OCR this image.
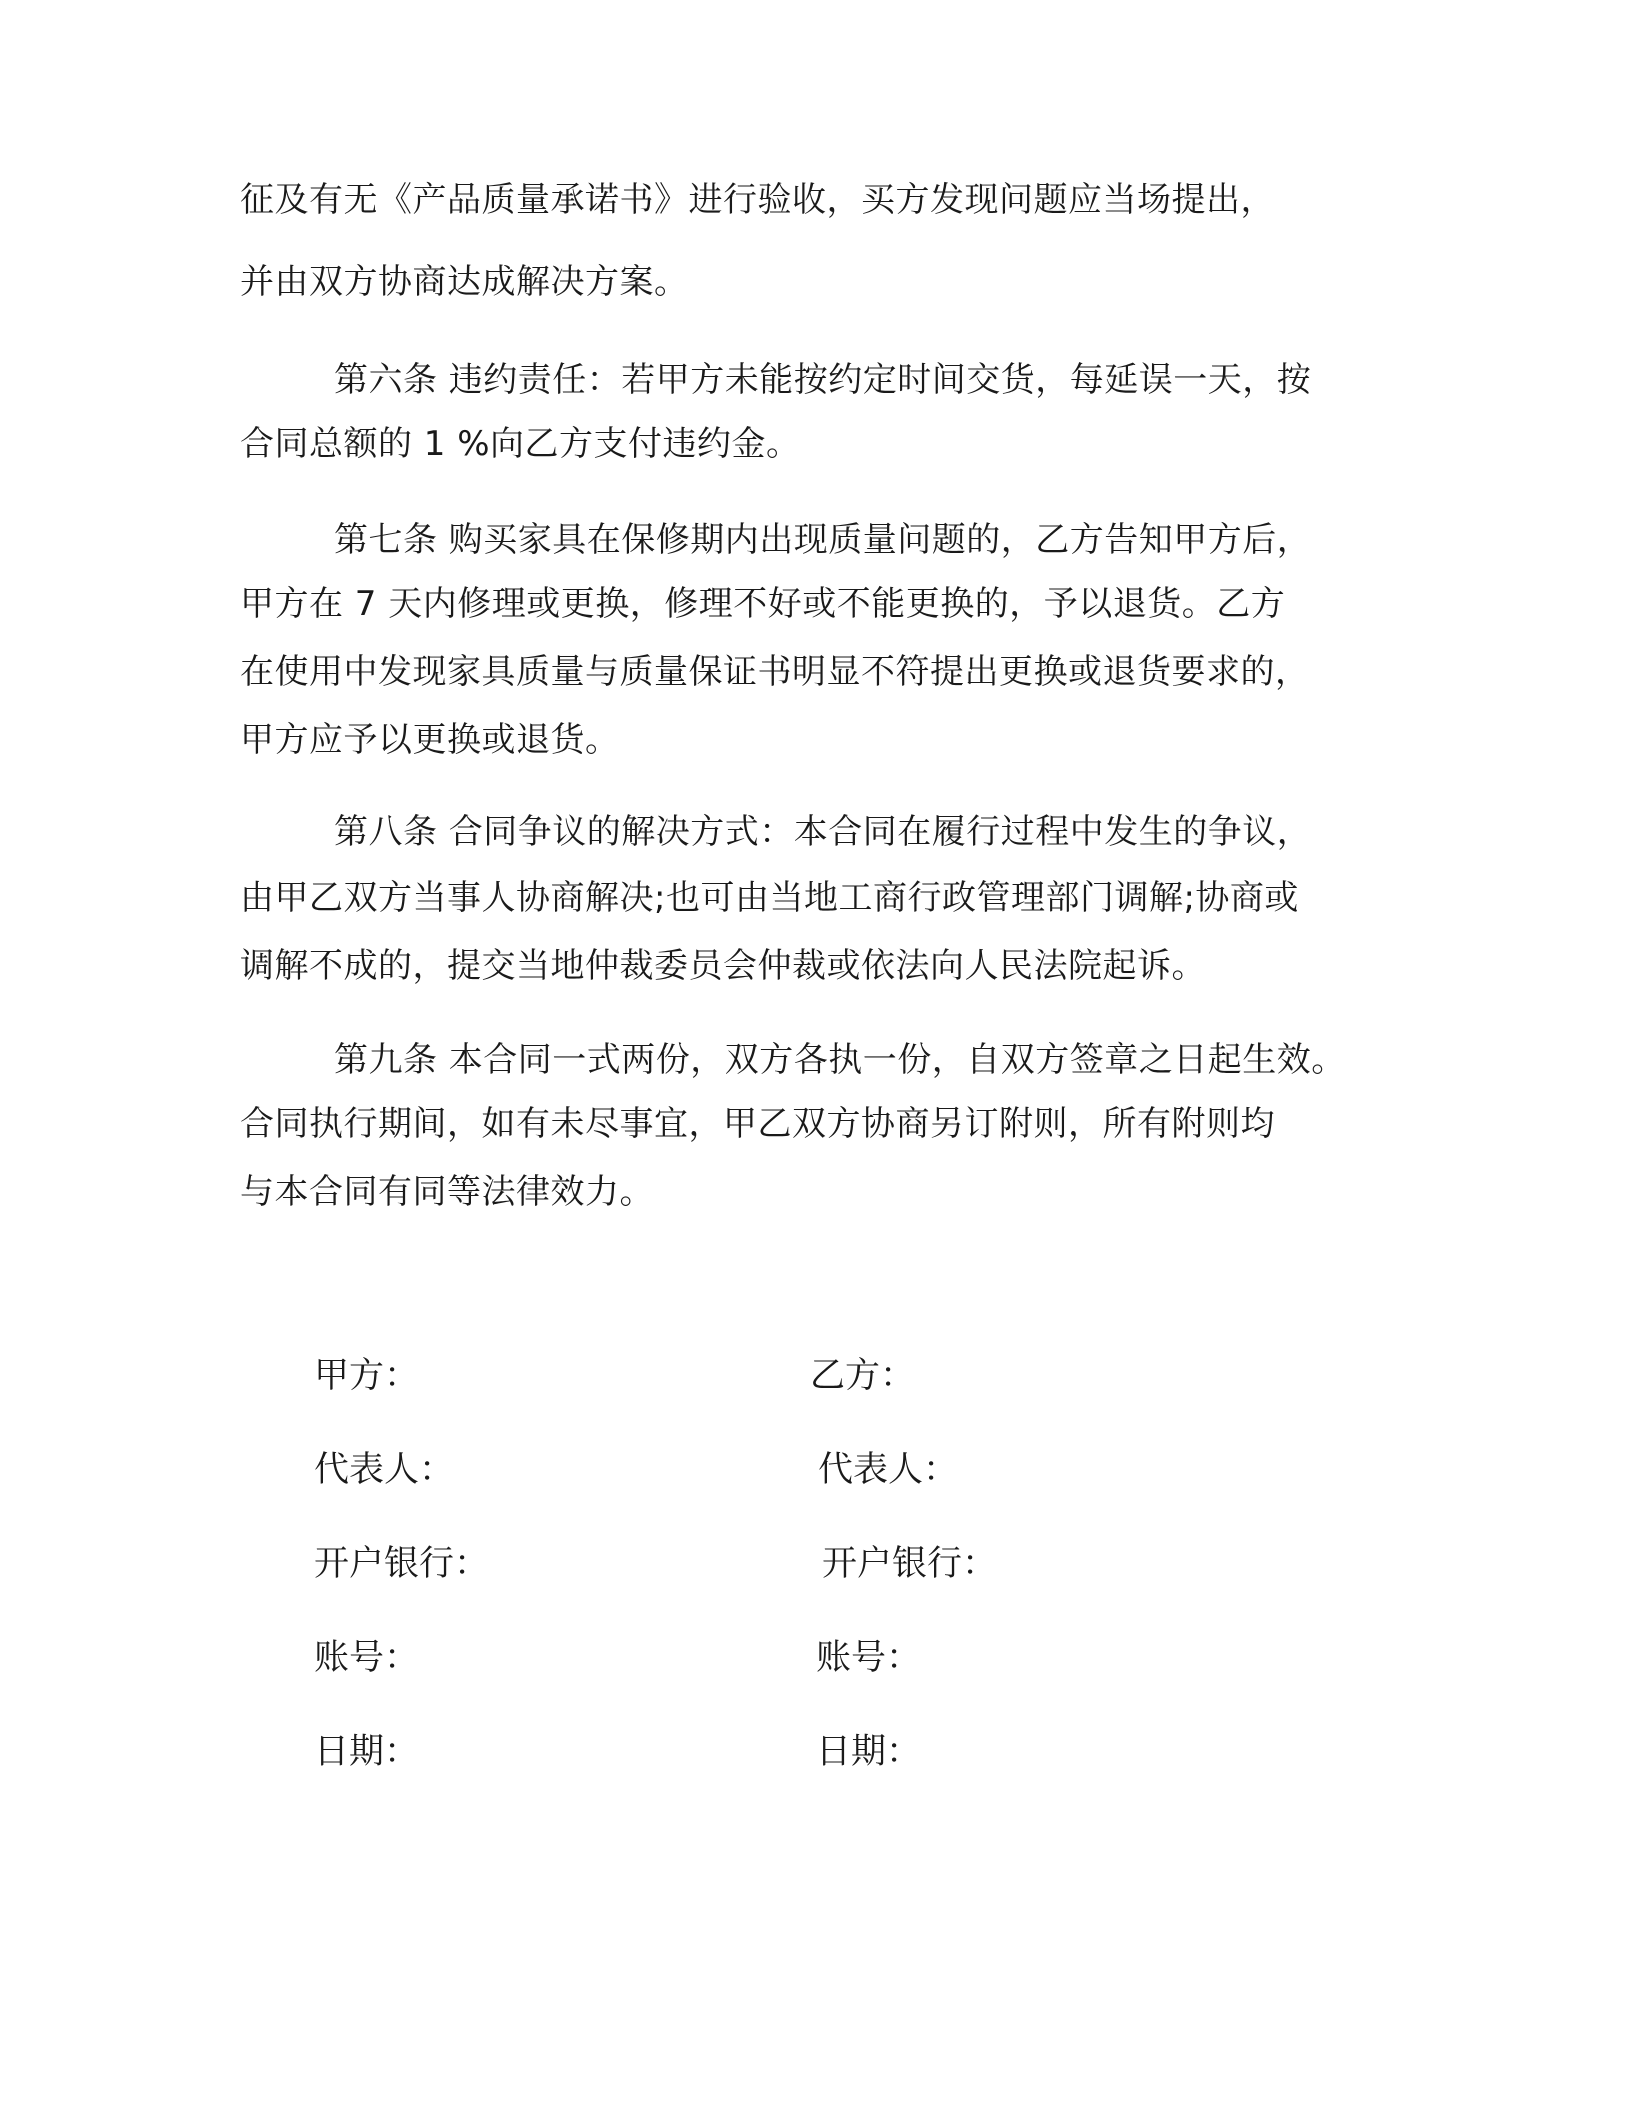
征及有无《产品质量承诺书》进行验收，买方发现问题应当场提出，
并由双方协商达成解决方案。
第六条 违约责任：若甲方未能按约定时间交货，每延误一天，按
合同总额的 1 %向乙方支付违约金。
第七条 购买家具在保修期内出现质量问题的，乙方告知甲方后，
甲方在 7 天内修理或更换，修理不好或不能更换的，予以退货。乙方
在使用中发现家具质量与质量保证书明显不符提出更换或退货要求的，
甲方应予以更换或退货。
第八条 合同争议的解决方式：本合同在履行过程中发生的争议，
由甲乙双方当事人协商解决;也可由当地工商行政管理部门调解;协商或
调解不成的，提交当地仲裁委员会仲裁或依法向人民法院起诉。
第九条 本合同一式两份，双方各执一份，自双方签章之日起生效。
合同执行期间，如有未尽事宜，甲乙双方协商另订附则，所有附则均
与本合同有同等法律效力。
甲方：	乙方：
代表人：	代表人：
开户银行：	开户银行：
账号：	账号：
日期：	日期：
